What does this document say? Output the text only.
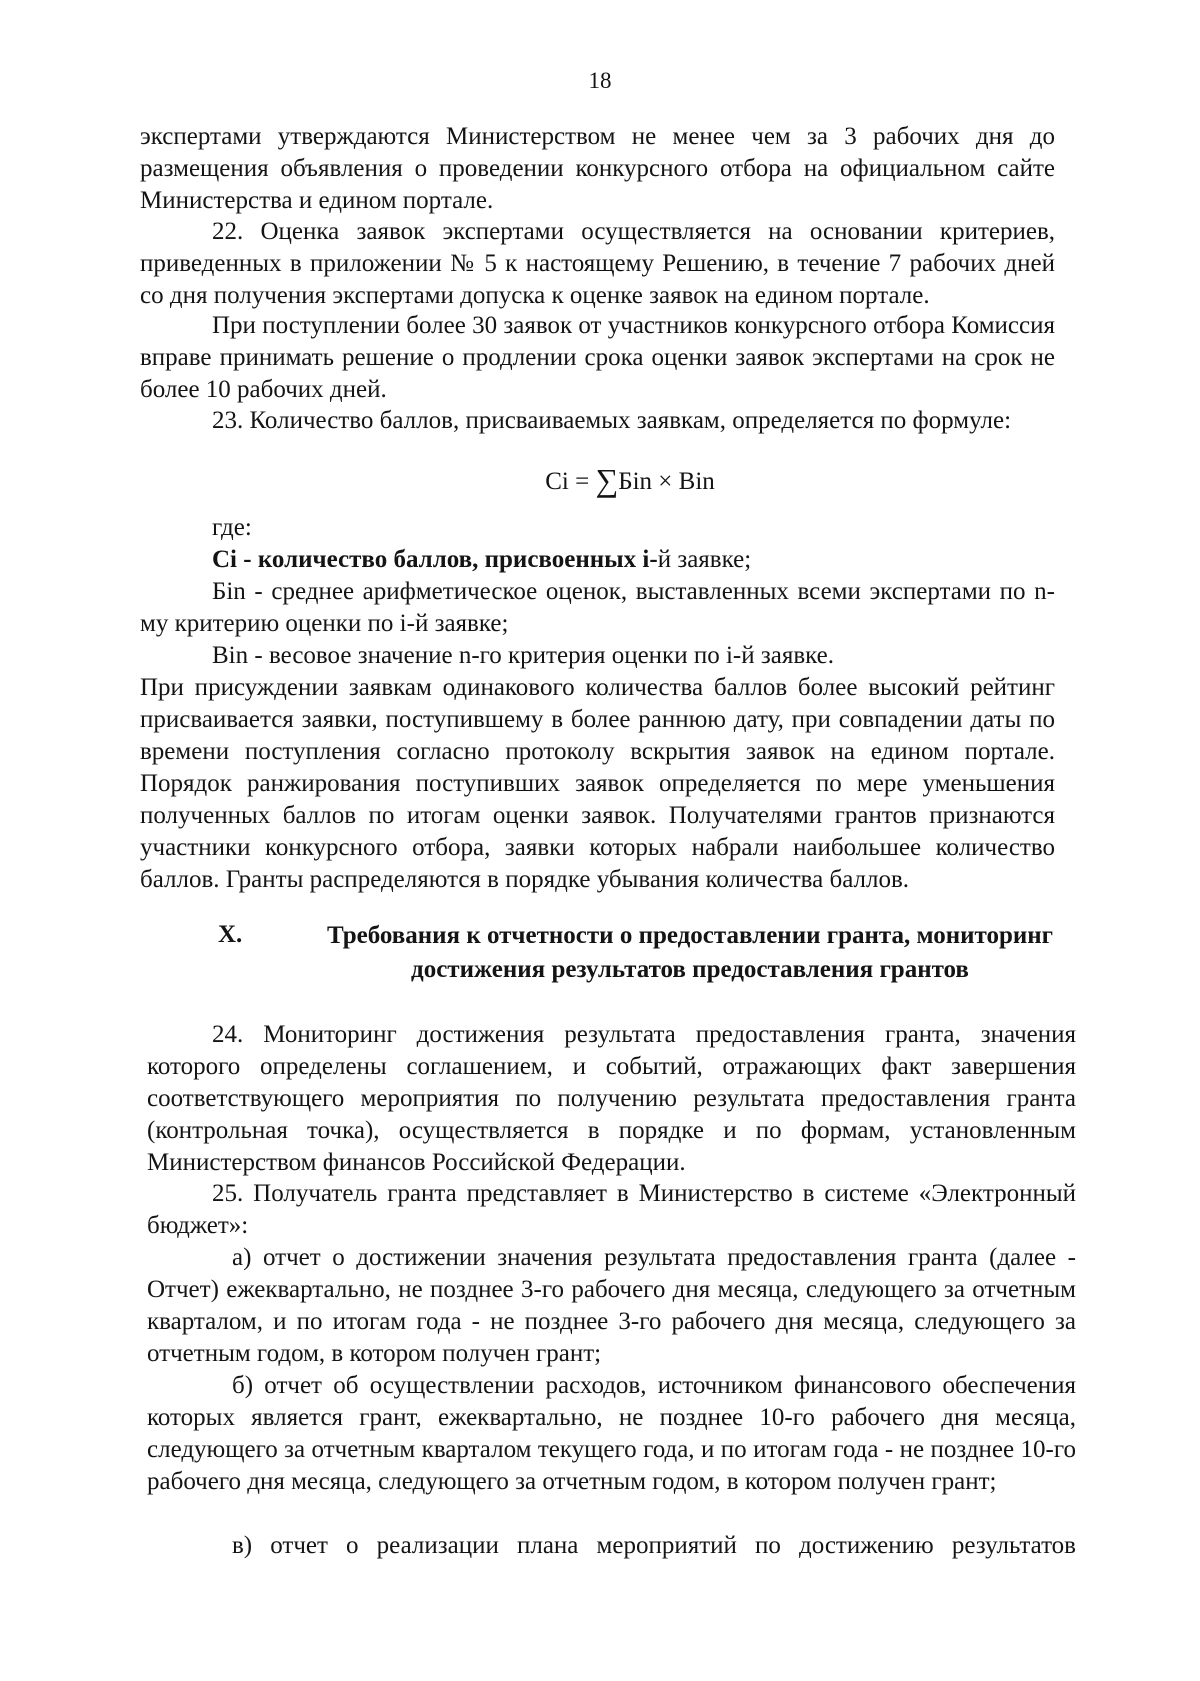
18
экспертами утверждаются Министерством не менее чем за 3 рабочих дня до размещения объявления о проведении конкурсного отбора на официальном сайте Министерства и едином портале.
22. Оценка заявок экспертами осуществляется на основании критериев, приведенных в приложении № 5 к настоящему Решению, в течение 7 рабочих дней со дня получения экспертами допуска к оценке заявок на едином портале.
При поступлении более 30 заявок от участников конкурсного отбора Комиссия вправе принимать решение о продлении срока оценки заявок экспертами на срок не более 10 рабочих дней.
23. Количество баллов, присваиваемых заявкам, определяется по формуле:
Ci = ∑Бin × Bin
где:
Ci - количество баллов, присвоенных i-й заявке;
Бin - среднее арифметическое оценок, выставленных всеми экспертами по n-му критерию оценки по i-й заявке;
Bin - весовое значение n-го критерия оценки по i-й заявке.
При присуждении заявкам одинакового количества баллов более высокий рейтинг присваивается заявки, поступившему в более раннюю дату, при совпадении даты по времени поступления согласно протоколу вскрытия заявок на едином портале. Порядок ранжирования поступивших заявок определяется по мере уменьшения полученных баллов по итогам оценки заявок. Получателями грантов признаются участники конкурсного отбора, заявки которых набрали наибольшее количество баллов. Гранты распределяются в порядке убывания количества баллов.
X.	Требования к отчетности о предоставлении гранта, мониторинг достижения результатов предоставления грантов
24. Мониторинг достижения результата предоставления гранта, значения которого определены соглашением, и событий, отражающих факт завершения соответствующего мероприятия по получению результата предоставления гранта (контрольная точка), осуществляется в порядке и по формам, установленным Министерством финансов Российской Федерации.
25. Получатель гранта представляет в Министерство в системе «Электронный бюджет»:
а) отчет о достижении значения результата предоставления гранта (далее - Отчет) ежеквартально, не позднее 3-го рабочего дня месяца, следующего за отчетным кварталом, и по итогам года - не позднее 3-го рабочего дня месяца, следующего за отчетным годом, в котором получен грант;
б) отчет об осуществлении расходов, источником финансового обеспечения которых является грант, ежеквартально, не позднее 10-го рабочего дня месяца, следующего за отчетным кварталом текущего года, и по итогам года - не позднее 10-го рабочего дня месяца, следующего за отчетным годом, в котором получен грант;
в) отчет о реализации плана мероприятий по достижению результатов
